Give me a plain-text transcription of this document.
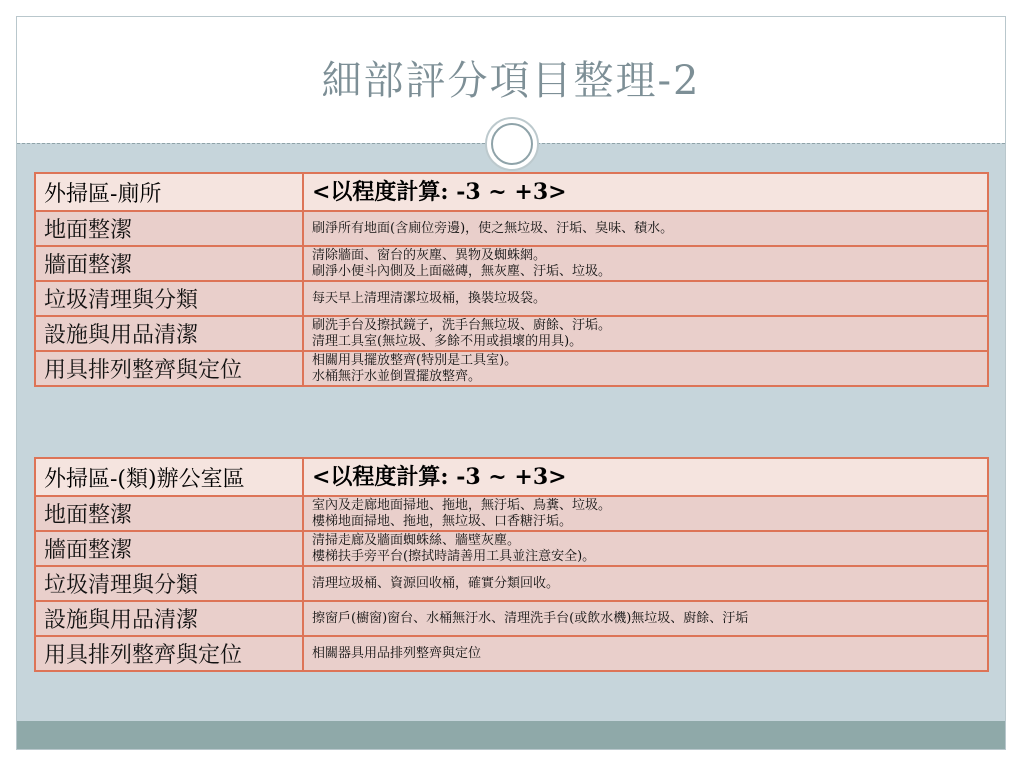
細部評分項目整理-2
外掃區-廁所	<以程度計算: -3 ~ +3>
地面整潔	刷淨所有地面(含廁位旁邊)，使之無垃圾、汙垢、臭味、積水。

牆面整潔	清除牆面、窗台的灰塵、異物及蜘蛛網。
刷淨小便斗內側及上面磁磚，無灰塵、汙垢、垃圾。

垃圾清理與分類	每天早上清理清潔垃圾桶，換裝垃圾袋。

設施與用品清潔	刷洗手台及擦拭鏡子，洗手台無垃圾、廚餘、汙垢。
清理工具室(無垃圾、多餘不用或損壞的用具)。

用具排列整齊與定位	相關用具擺放整齊(特別是工具室)。
水桶無汙水並倒置擺放整齊。
外掃區-(類)辦公室區	<以程度計算: -3 ~ +3>
地面整潔	室內及走廊地面掃地、拖地，無汙垢、鳥糞、垃圾。
樓梯地面掃地、拖地，無垃圾、口香糖汙垢。

牆面整潔	清掃走廊及牆面蜘蛛絲、牆壁灰塵。
樓梯扶手旁平台(擦拭時請善用工具並注意安全)。

垃圾清理與分類	清理垃圾桶、資源回收桶，確實分類回收。

設施與用品清潔	擦窗戶(櫥窗)窗台、水桶無汙水、清理洗手台(或飲水機)無垃圾、廚餘、汙垢

用具排列整齊與定位	相關器具用品排列整齊與定位
